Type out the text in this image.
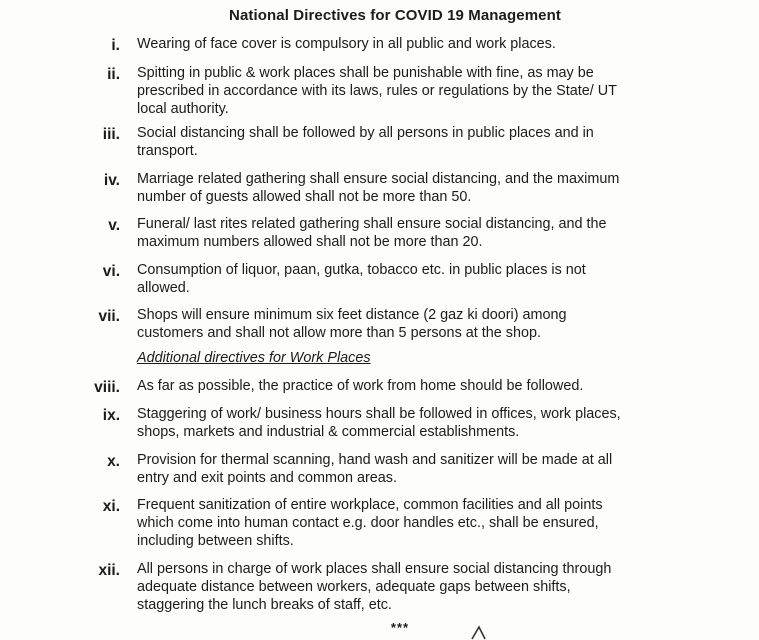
National Directives for COVID 19 Management
i. Wearing of face cover is compulsory in all public and work places.
ii. Spitting in public & work places shall be punishable with fine, as may be
prescribed in accordance with its laws, rules or regulations by the State/ UT
local authority.
iii. Social distancing shall be followed by all persons in public places and in
transport.
iv. Marriage related gathering shall ensure social distancing, and the maximum
number of guests allowed shall not be more than 50.
v. Funeral/ last rites related gathering shall ensure social distancing, and the
maximum numbers allowed shall not be more than 20.
vi. Consumption of liquor, paan, gutka, tobacco etc. in public places is not
allowed.
vii. Shops will ensure minimum six feet distance (2 gaz ki doori) among
customers and shall not allow more than 5 persons at the shop.
Additional directives for Work Places
viii. As far as possible, the practice of work from home should be followed.
ix. Staggering of work/ business hours shall be followed in offices, work places,
shops, markets and industrial & commercial establishments.
x. Provision for thermal scanning, hand wash and sanitizer will be made at all
entry and exit points and common areas.
xi. Frequent sanitization of entire workplace, common facilities and all points
which come into human contact e.g. door handles etc., shall be ensured,
including between shifts.
xii. All persons in charge of work places shall ensure social distancing through
adequate distance between workers, adequate gaps between shifts,
staggering the lunch breaks of staff, etc.
***
